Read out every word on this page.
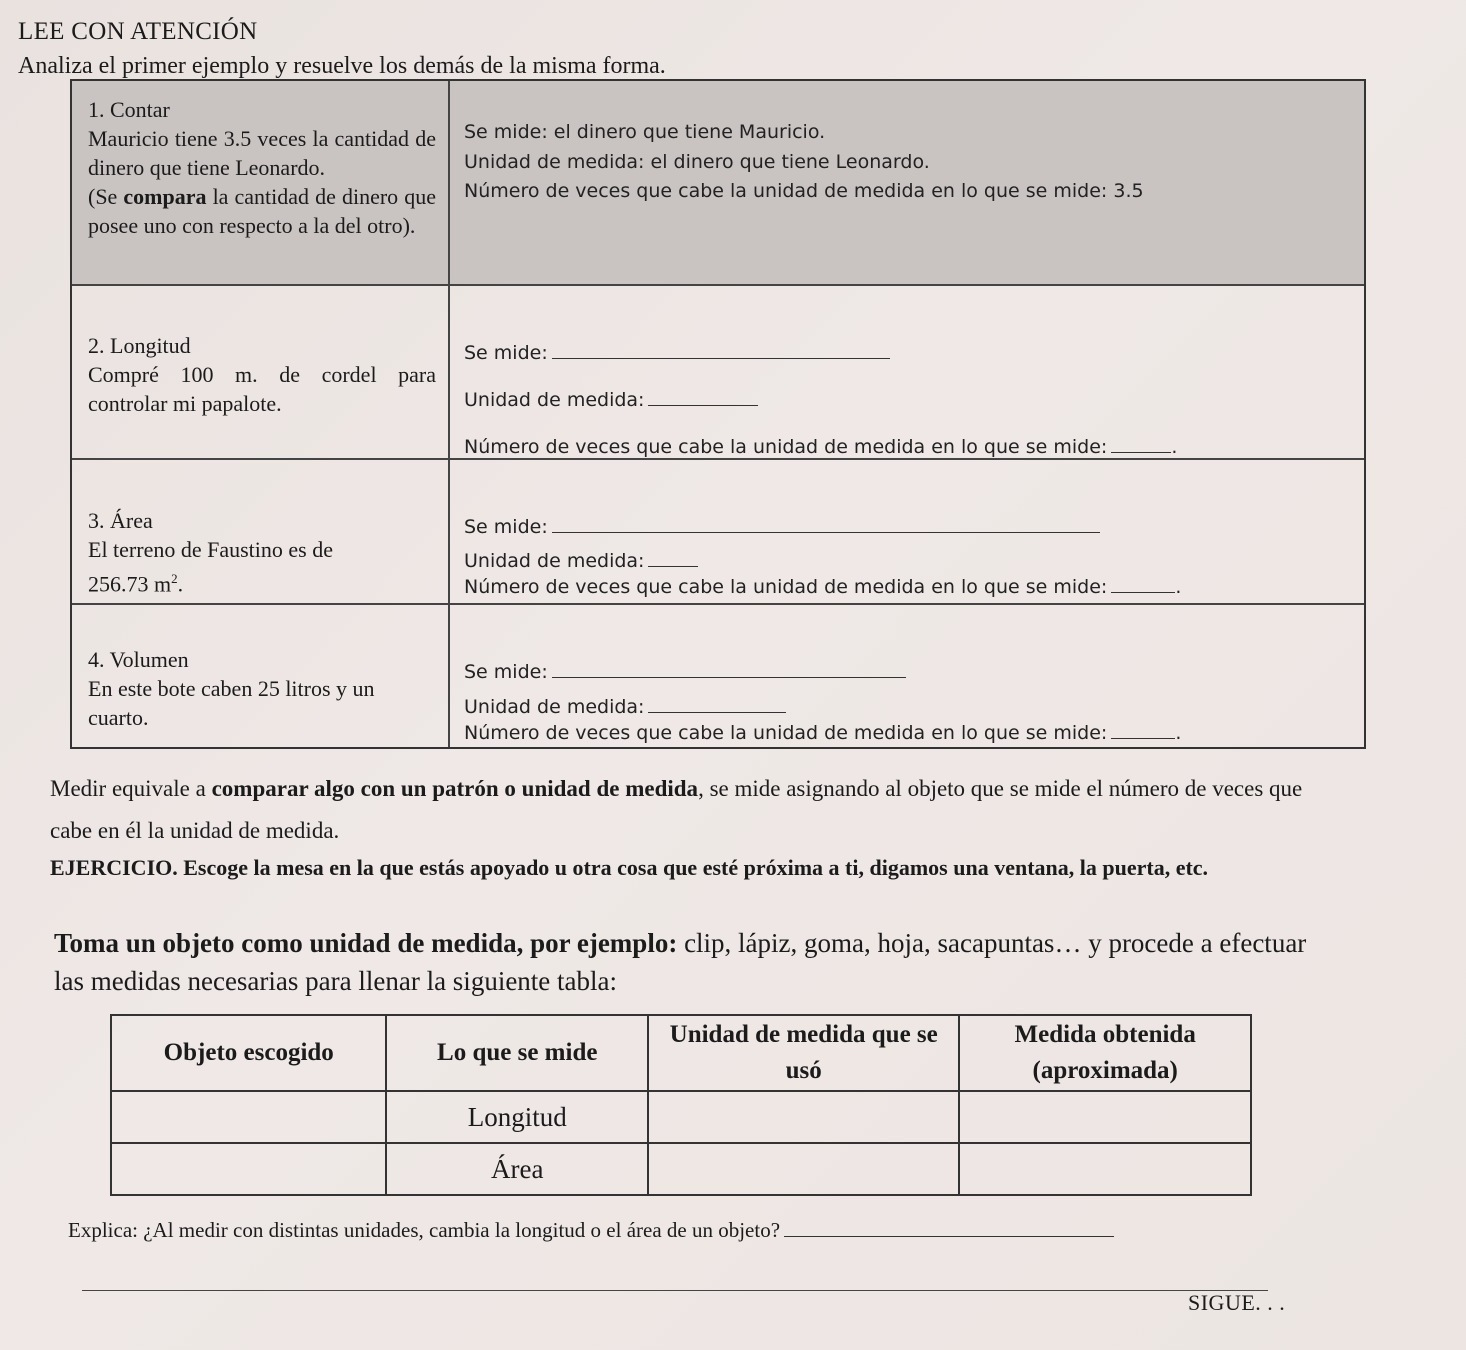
LEE CON ATENCIÓN
Analiza el primer ejemplo y resuelve los demás de la misma forma.
1. Contar
Mauricio tiene 3.5 veces la cantidad de dinero que tiene Leonardo.
(Se compara la cantidad de dinero que posee uno con respecto a la del otro).
Se mide: el dinero que tiene Mauricio.
Unidad de medida: el dinero que tiene Leonardo.
Número de veces que cabe la unidad de medida en lo que se mide: 3.5
2. Longitud
Compré 100 m. de cordel para controlar mi papalote.
Se mide:
Unidad de medida:
Número de veces que cabe la unidad de medida en lo que se mide:	.
3. Área
El terreno de Faustino es de
256.73 $m^2$.
Se mide:
Unidad de medida:
Número de veces que cabe la unidad de medida en lo que se mide:	.
4. Volumen
En este bote caben 25 litros y un cuarto.
Se mide:
Unidad de medida:
Número de veces que cabe la unidad de medida en lo que se mide:	.
Medir equivale a comparar algo con un patrón o unidad de medida, se mide asignando al objeto que se mide el número de veces que cabe en él la unidad de medida.
EJERCICIO. Escoge la mesa en la que estás apoyado u otra cosa que esté próxima a ti, digamos una ventana, la puerta, etc.
Toma un objeto como unidad de medida, por ejemplo: clip, lápiz, goma, hoja, sacapuntas… y procede a efectuar las medidas necesarias para llenar la siguiente tabla:
Objeto escogido	Lo que se mide	Unidad de medida que se usó	Medida obtenida (aproximada)
	Longitud		
	Área		
Explica: ¿Al medir con distintas unidades, cambia la longitud o el área de un objeto?
SIGUE. . .
